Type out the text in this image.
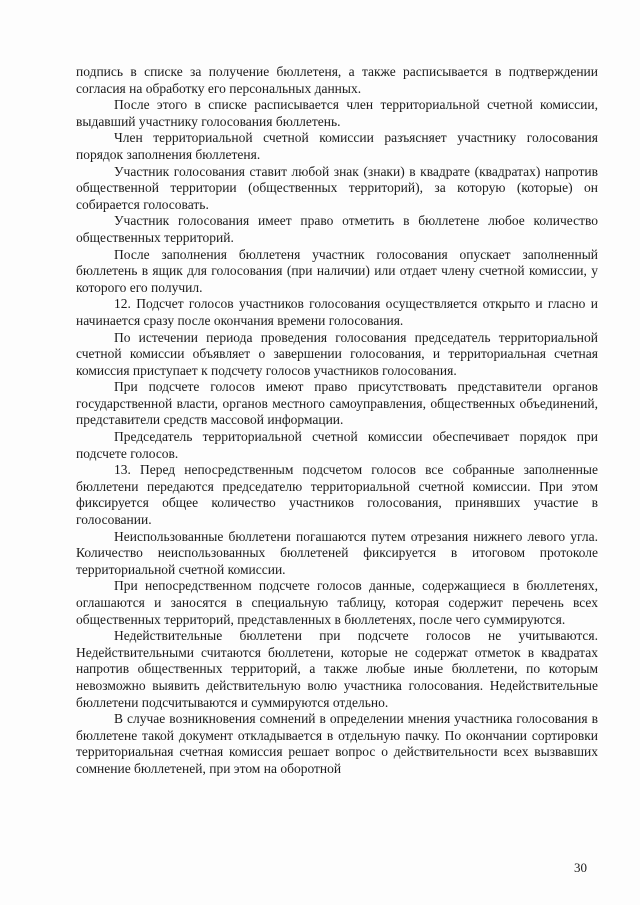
подпись в списке за получение бюллетеня, а также расписывается в подтверждении согласия на обработку его персональных данных.

После этого в списке расписывается член территориальной счетной комиссии, выдавший участнику голосования бюллетень.

Член территориальной счетной комиссии разъясняет участнику голосования порядок заполнения бюллетеня.

Участник голосования ставит любой знак (знаки) в квадрате (квадратах) напротив общественной территории (общественных территорий), за которую (которые) он собирается голосовать.

Участник голосования имеет право отметить в бюллетене любое количество общественных территорий.

После заполнения бюллетеня участник голосования опускает заполненный бюллетень в ящик для голосования (при наличии) или отдает члену счетной комиссии, у которого его получил.

12. Подсчет голосов участников голосования осуществляется открыто и гласно и начинается сразу после окончания времени голосования.

По истечении периода проведения голосования председатель территориальной счетной комиссии объявляет о завершении голосования, и территориальная счетная комиссия приступает к подсчету голосов участников голосования.

При подсчете голосов имеют право присутствовать представители органов государственной власти, органов местного самоуправления, общественных объединений, представители средств массовой информации.

Председатель территориальной счетной комиссии обеспечивает порядок при подсчете голосов.

13. Перед непосредственным подсчетом голосов все собранные заполненные бюллетени передаются председателю территориальной счетной комиссии. При этом фиксируется общее количество участников голосования, принявших участие в голосовании.

Неиспользованные бюллетени погашаются путем отрезания нижнего левого угла. Количество неиспользованных бюллетеней фиксируется в итоговом протоколе территориальной счетной комиссии.

При непосредственном подсчете голосов данные, содержащиеся в бюллетенях, оглашаются и заносятся в специальную таблицу, которая содержит перечень всех общественных территорий, представленных в бюллетенях, после чего суммируются.

Недействительные бюллетени при подсчете голосов не учитываются. Недействительными считаются бюллетени, которые не содержат отметок в квадратах напротив общественных территорий, а также любые иные бюллетени, по которым невозможно выявить действительную волю участника голосования. Недействительные бюллетени подсчитываются и суммируются отдельно.

В случае возникновения сомнений в определении мнения участника голосования в бюллетене такой документ откладывается в отдельную пачку. По окончании сортировки территориальная счетная комиссия решает вопрос о действительности всех вызвавших сомнение бюллетеней, при этом на оборотной

30
